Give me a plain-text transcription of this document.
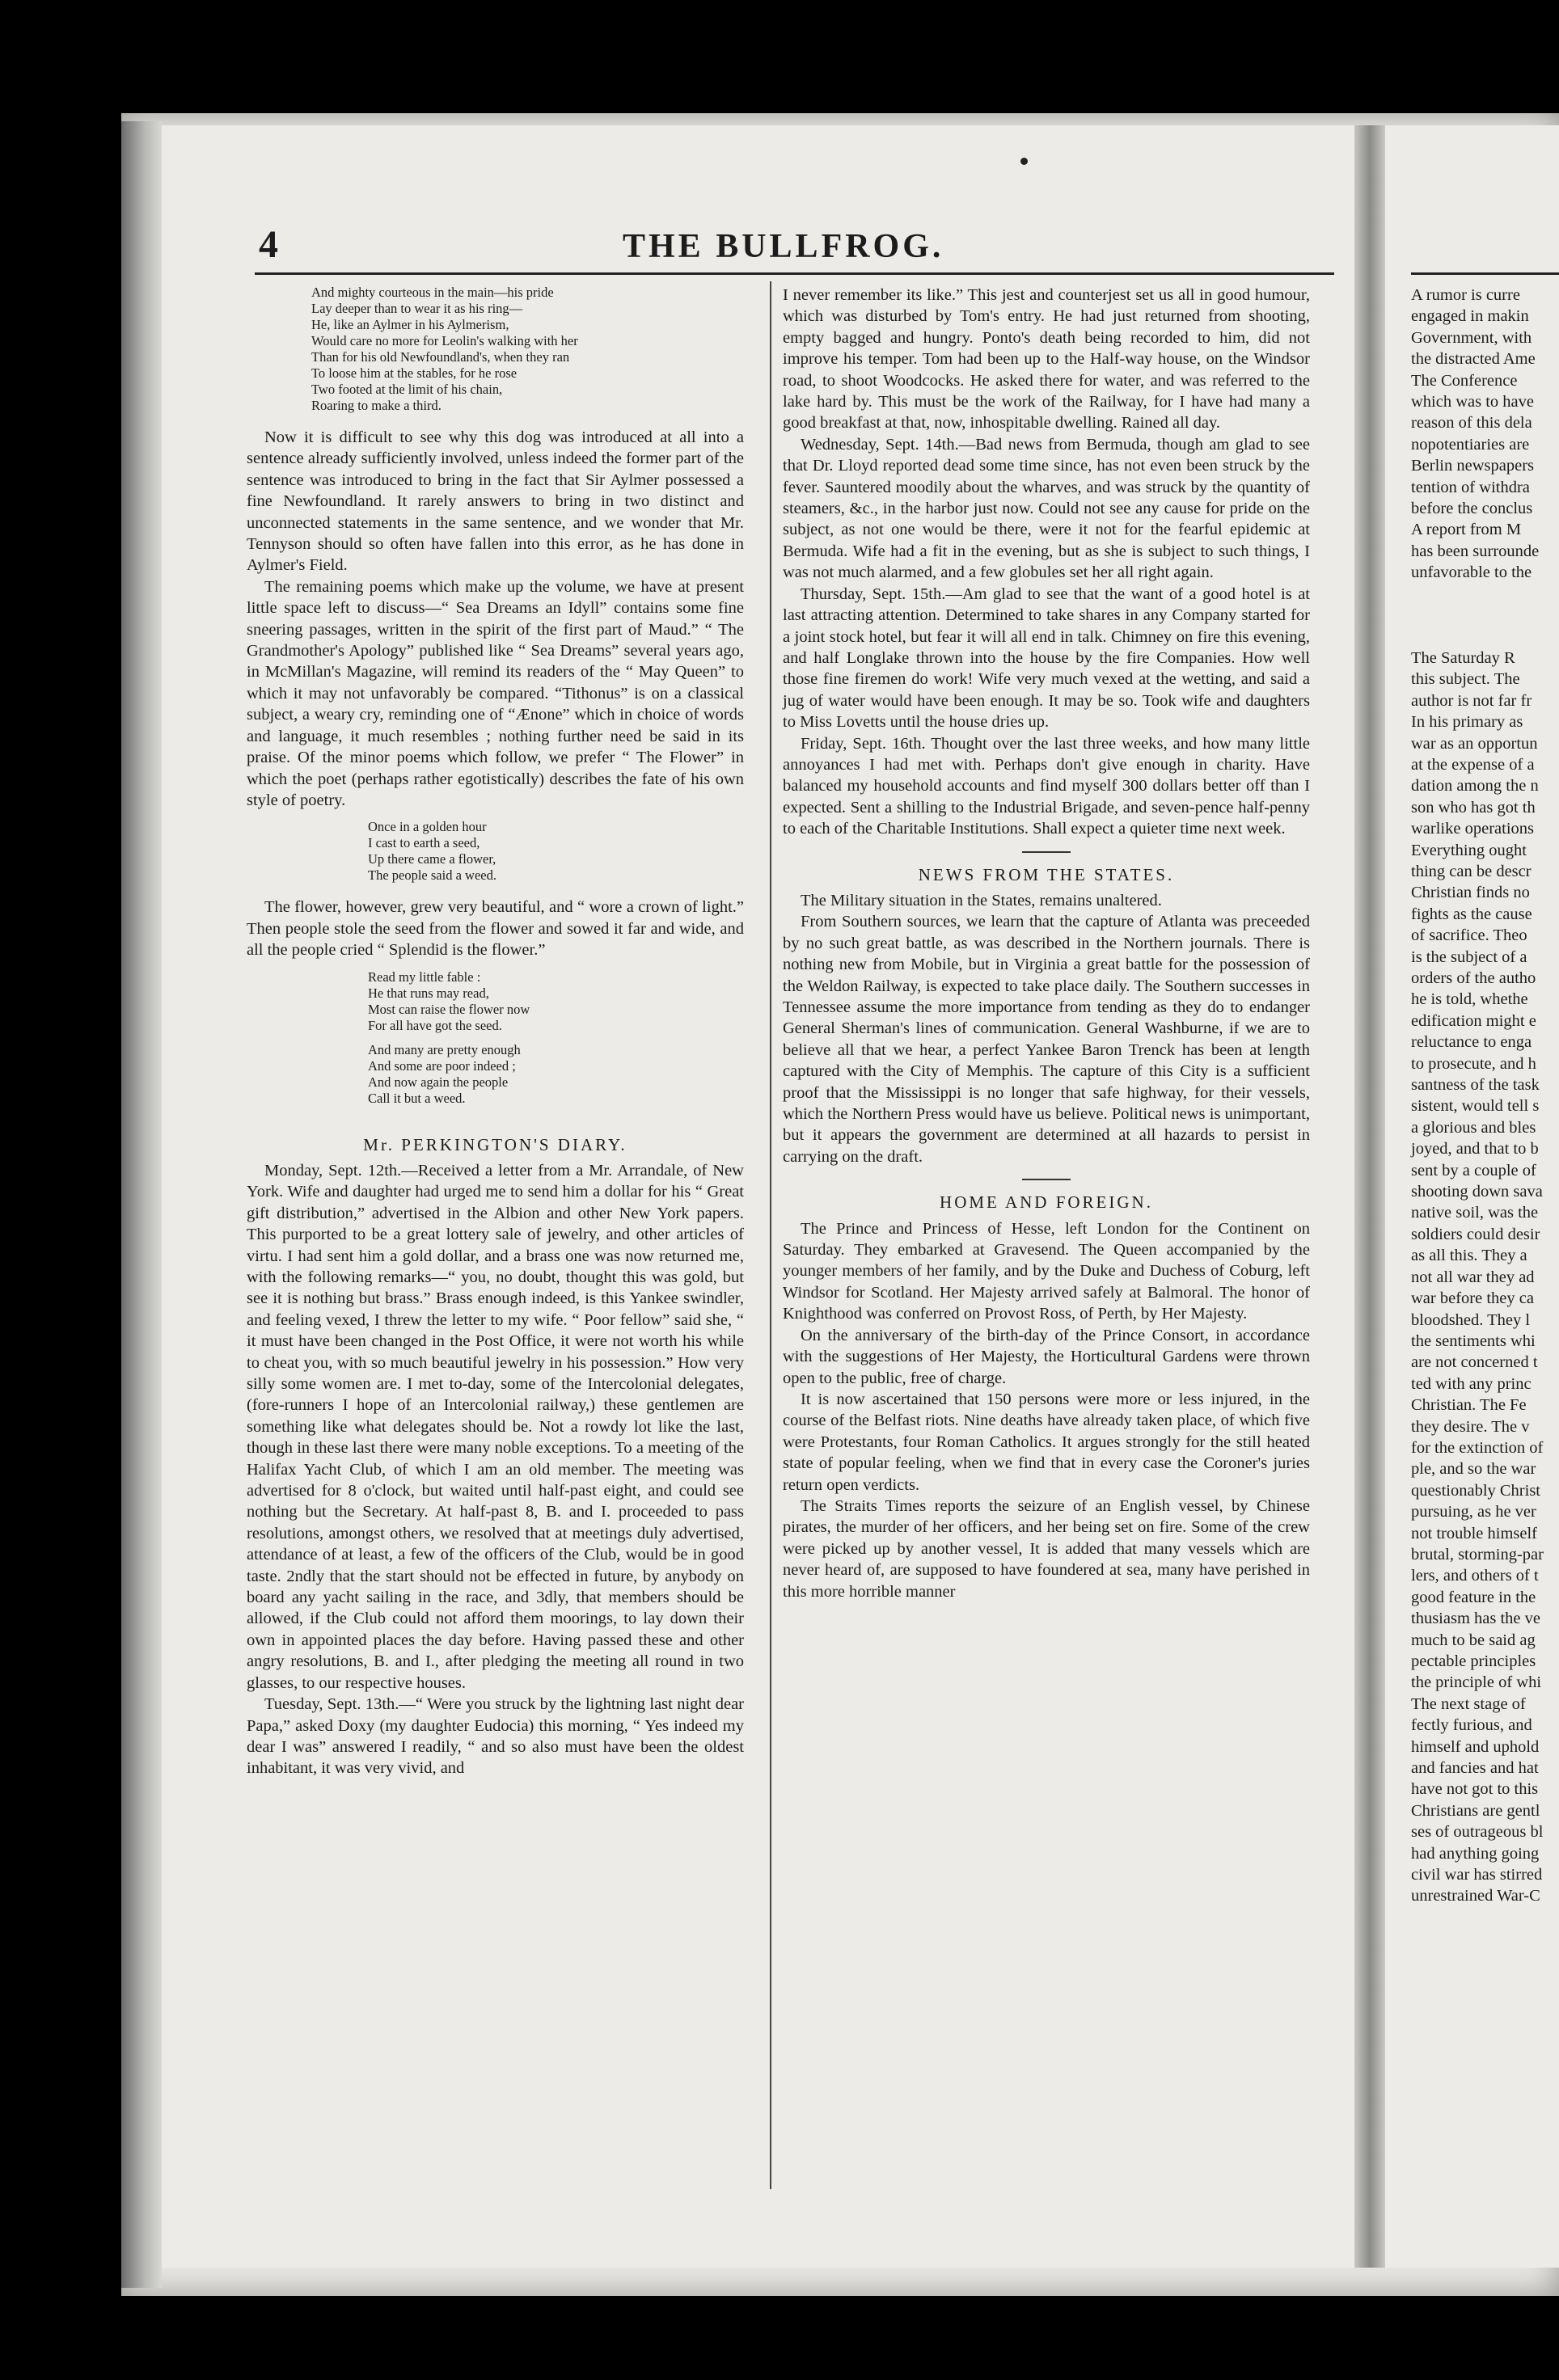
4	THE BULLFROG.
And mighty courteous in the main—his pride
Lay deeper than to wear it as his ring—
He, like an Aylmer in his Aylmerism,
Would care no more for Leolin's walking with her
Than for his old Newfoundland's, when they ran
To loose him at the stables, for he rose
Two footed at the limit of his chain,
Roaring to make a third.

Now it is difficult to see why this dog was introduced at all into a sentence already sufficiently involved, unless indeed the former part of the sentence was introduced to bring in the fact that Sir Aylmer possessed a fine Newfoundland. It rarely answers to bring in two distinct and unconnected statements in the same sentence, and we wonder that Mr. Tennyson should so often have fallen into this error, as he has done in Aylmer's Field.

The remaining poems which make up the volume, we have at present little space left to discuss—“ Sea Dreams an Idyll” contains some fine sneering passages, written in the spirit of the first part of Maud.” “ The Grandmother's Apology” published like “ Sea Dreams” several years ago, in McMillan's Magazine, will remind its readers of the “ May Queen” to which it may not unfavorably be compared. “Tithonus” is on a classical subject, a weary cry, reminding one of “Ænone” which in choice of words and language, it much resembles ; nothing further need be said in its praise. Of the minor poems which follow, we prefer “ The Flower” in which the poet (perhaps rather egotistically) describes the fate of his own style of poetry.

Once in a golden hour
I cast to earth a seed,
Up there came a flower,
The people said a weed.

The flower, however, grew very beautiful, and “ wore a crown of light.” Then people stole the seed from the flower and sowed it far and wide, and all the people cried “ Splendid is the flower.”

Read my little fable :
He that runs may read,
Most can raise the flower now
For all have got the seed.
And many are pretty enough
And some are poor indeed ;
And now again the people
Call it but a weed.
Mr. PERKINGTON'S DIARY.

Monday, Sept. 12th.—Received a letter from a Mr. Arrandale, of New York. Wife and daughter had urged me to send him a dollar for his “ Great gift distribution,” advertised in the Albion and other New York papers. This purported to be a great lottery sale of jewelry, and other articles of virtu. I had sent him a gold dollar, and a brass one was now returned me, with the following remarks—“ you, no doubt, thought this was gold, but see it is nothing but brass.” Brass enough indeed, is this Yankee swindler, and feeling vexed, I threw the letter to my wife. “ Poor fellow” said she, “ it must have been changed in the Post Office, it were not worth his while to cheat you, with so much beautiful jewelry in his possession.” How very silly some women are. I met to-day, some of the Intercolonial delegates, (fore-runners I hope of an Intercolonial railway,) these gentlemen are something like what delegates should be. Not a rowdy lot like the last, though in these last there were many noble exceptions. To a meeting of the Halifax Yacht Club, of which I am an old member. The meeting was advertised for 8 o'clock, but waited until half-past eight, and could see nothing but the Secretary. At half-past 8, B. and I. proceeded to pass resolutions, amongst others, we resolved that at meetings duly advertised, attendance of at least, a few of the officers of the Club, would be in good taste. 2ndly that the start should not be effected in future, by anybody on board any yacht sailing in the race, and 3dly, that members should be allowed, if the Club could not afford them moorings, to lay down their own in appointed places the day before. Having passed these and other angry resolutions, B. and I., after pledging the meeting all round in two glasses, to our respective houses.

Tuesday, Sept. 13th.—“ Were you struck by the lightning last night dear Papa,” asked Doxy (my daughter Eudocia) this morning, “ Yes indeed my dear I was” answered I readily, “ and so also must have been the oldest inhabitant, it was very vivid, and

I never remember its like.” This jest and counterjest set us all in good humour, which was disturbed by Tom's entry. He had just returned from shooting, empty bagged and hungry. Ponto's death being recorded to him, did not improve his temper. Tom had been up to the Half-way house, on the Windsor road, to shoot Woodcocks. He asked there for water, and was referred to the lake hard by. This must be the work of the Railway, for I have had many a good breakfast at that, now, inhospitable dwelling. Rained all day.

Wednesday, Sept. 14th.—Bad news from Bermuda, though am glad to see that Dr. Lloyd reported dead some time since, has not even been struck by the fever. Sauntered moodily about the wharves, and was struck by the quantity of steamers, &c., in the harbor just now. Could not see any cause for pride on the subject, as not one would be there, were it not for the fearful epidemic at Bermuda. Wife had a fit in the evening, but as she is subject to such things, I was not much alarmed, and a few globules set her all right again.

Thursday, Sept. 15th.—Am glad to see that the want of a good hotel is at last attracting attention. Determined to take shares in any Company started for a joint stock hotel, but fear it will all end in talk. Chimney on fire this evening, and half Longlake thrown into the house by the fire Companies. How well those fine firemen do work! Wife very much vexed at the wetting, and said a jug of water would have been enough. It may be so. Took wife and daughters to Miss Lovetts until the house dries up.

Friday, Sept. 16th. Thought over the last three weeks, and how many little annoyances I had met with. Perhaps don't give enough in charity. Have balanced my household accounts and find myself 300 dollars better off than I expected. Sent a shilling to the Industrial Brigade, and seven-pence half-penny to each of the Charitable Institutions. Shall expect a quieter time next week.

NEWS FROM THE STATES.

The Military situation in the States, remains unaltered.

From Southern sources, we learn that the capture of Atlanta was preceeded by no such great battle, as was described in the Northern journals. There is nothing new from Mobile, but in Virginia a great battle for the possession of the Weldon Railway, is expected to take place daily. The Southern successes in Tennessee assume the more importance from tending as they do to endanger General Sherman's lines of communication. General Washburne, if we are to believe all that we hear, a perfect Yankee Baron Trenck has been at length captured with the City of Memphis. The capture of this City is a sufficient proof that the Mississippi is no longer that safe highway, for their vessels, which the Northern Press would have us believe. Political news is unimportant, but it appears the government are determined at all hazards to persist in carrying on the draft.

HOME AND FOREIGN.

The Prince and Princess of Hesse, left London for the Continent on Saturday. They embarked at Gravesend. The Queen accompanied by the younger members of her family, and by the Duke and Duchess of Coburg, left Windsor for Scotland. Her Majesty arrived safely at Balmoral. The honor of Knighthood was conferred on Provost Ross, of Perth, by Her Majesty.

On the anniversary of the birth-day of the Prince Consort, in accordance with the suggestions of Her Majesty, the Horticultural Gardens were thrown open to the public, free of charge.

It is now ascertained that 150 persons were more or less injured, in the course of the Belfast riots. Nine deaths have already taken place, of which five were Protestants, four Roman Catholics. It argues strongly for the still heated state of popular feeling, when we find that in every case the Coroner's juries return open verdicts.

The Straits Times reports the seizure of an English vessel, by Chinese pirates, the murder of her officers, and her being set on fire. Some of the crew were picked up by another vessel, It is added that many vessels which are never heard of, are supposed to have foundered at sea, many have perished in this more horrible manner

A rumor is curre
engaged in makin
Government, with
the distracted Ame
The Conference
which was to have
reason of this dela
nopotentiaries are
Berlin newspapers
tention of withdra
before the conclus
A report from M
has been surrounde
unfavorable to the

The Saturday R
this subject. The
author is not far fr
In his primary as
war as an opportun
at the expense of a
dation among the n
son who has got th
warlike operations
Everything ought
thing can be descr
Christian finds no
fights as the cause
of sacrifice. Theo
is the subject of a
orders of the autho
he is told, whethe
edification might e
reluctance to enga
to prosecute, and h
santness of the task
sistent, would tell s
a glorious and bles
joyed, and that to b
sent by a couple of
shooting down sava
native soil, was the
soldiers could desir
as all this. They a
not all war they ad
war before they ca
bloodshed. They l
the sentiments whi
are not concerned t
ted with any princ
Christian. The Fe
they desire. The v
for the extinction of
ple, and so the war
questionably Christ
pursuing, as he ver
not trouble himself
brutal, storming-par
lers, and others of t
good feature in the
thusiasm has the ve
much to be said ag
pectable principles
the principle of whi
The next stage of
fectly furious, and
himself and uphold
and fancies and hat
have not got to this
Christians are gentl
ses of outrageous bl
had anything going
civil war has stirred
unrestrained War-C
